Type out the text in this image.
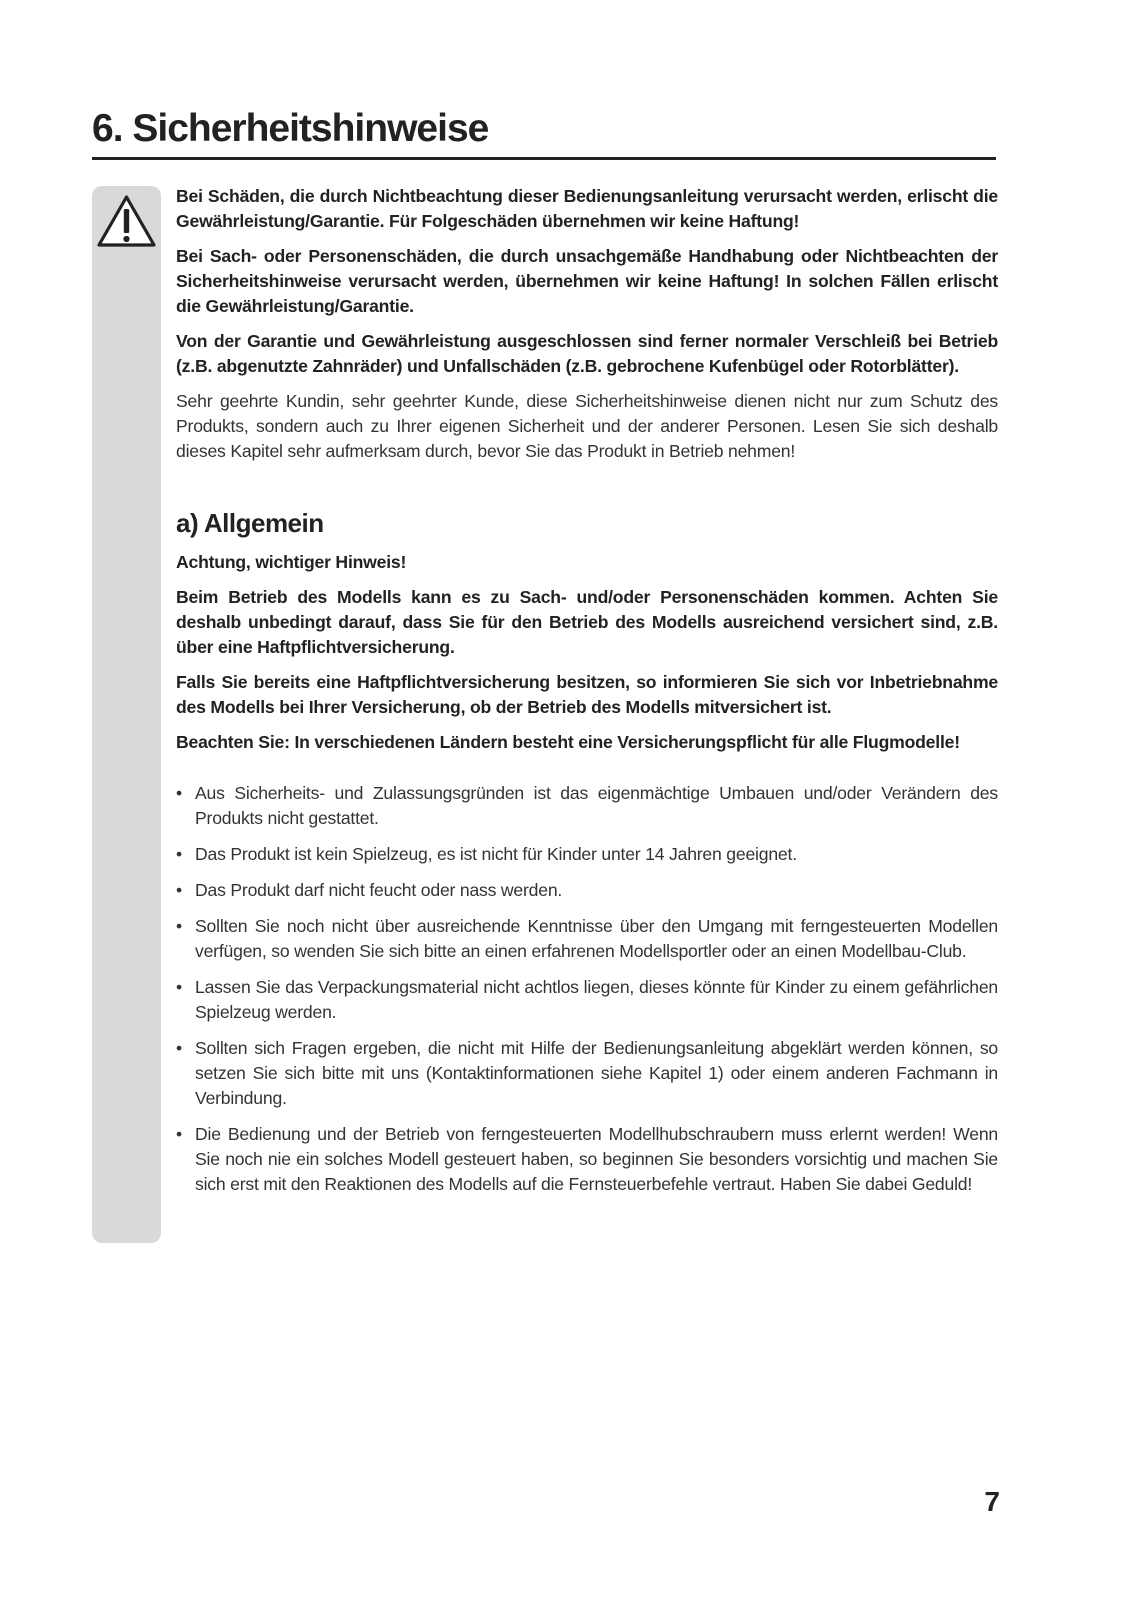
6. Sicherheitshinweise

Bei Schäden, die durch Nichtbeachtung dieser Bedienungsanleitung verursacht werden, erlischt die Gewährleistung/Garantie. Für Folgeschäden übernehmen wir keine Haftung!

Bei Sach- oder Personenschäden, die durch unsachgemäße Handhabung oder Nichtbeachten der Sicherheitshinweise verursacht werden, übernehmen wir keine Haftung! In solchen Fällen erlischt die Gewährleistung/Garantie.

Von der Garantie und Gewährleistung ausgeschlossen sind ferner normaler Verschleiß bei Betrieb (z.B. abgenutzte Zahnräder) und Unfallschäden (z.B. gebrochene Kufenbügel oder Rotorblätter).

Sehr geehrte Kundin, sehr geehrter Kunde, diese Sicherheitshinweise dienen nicht nur zum Schutz des Produkts, sondern auch zu Ihrer eigenen Sicherheit und der anderer Personen. Lesen Sie sich deshalb dieses Kapitel sehr aufmerksam durch, bevor Sie das Produkt in Betrieb nehmen!

a) Allgemein

Achtung, wichtiger Hinweis!

Beim Betrieb des Modells kann es zu Sach- und/oder Personenschäden kommen. Achten Sie deshalb unbedingt darauf, dass Sie für den Betrieb des Modells ausreichend versichert sind, z.B. über eine Haftpflichtversicherung.

Falls Sie bereits eine Haftpflichtversicherung besitzen, so informieren Sie sich vor Inbetriebnahme des Modells bei Ihrer Versicherung, ob der Betrieb des Modells mitversichert ist.

Beachten Sie: In verschiedenen Ländern besteht eine Versicherungspflicht für alle Flugmodelle!

• Aus Sicherheits- und Zulassungsgründen ist das eigenmächtige Umbauen und/oder Verändern des Produkts nicht gestattet.
• Das Produkt ist kein Spielzeug, es ist nicht für Kinder unter 14 Jahren geeignet.
• Das Produkt darf nicht feucht oder nass werden.
• Sollten Sie noch nicht über ausreichende Kenntnisse über den Umgang mit ferngesteuerten Modellen verfügen, so wenden Sie sich bitte an einen erfahrenen Modellsportler oder an einen Modellbau-Club.
• Lassen Sie das Verpackungsmaterial nicht achtlos liegen, dieses könnte für Kinder zu einem gefährlichen Spielzeug werden.
• Sollten sich Fragen ergeben, die nicht mit Hilfe der Bedienungsanleitung abgeklärt werden können, so setzen Sie sich bitte mit uns (Kontaktinformationen siehe Kapitel 1) oder einem anderen Fachmann in Verbindung.
• Die Bedienung und der Betrieb von ferngesteuerten Modellhubschraubern muss erlernt werden! Wenn Sie noch nie ein solches Modell gesteuert haben, so beginnen Sie besonders vorsichtig und machen Sie sich erst mit den Reaktionen des Modells auf die Fernsteuerbefehle vertraut. Haben Sie dabei Geduld!
7
